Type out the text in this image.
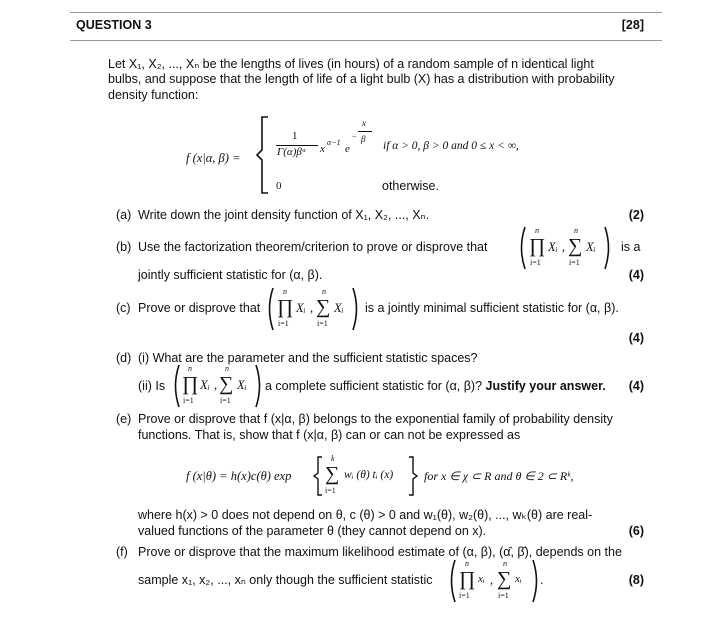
QUESTION 3	[28]
Let X₁, X₂, ..., Xₙ be the lengths of lives (in hours) of a random sample of n identical light
bulbs, and suppose that the length of life of a light bulb (X) has a distribution with probability
density function:
f (x|α, β) =
1
Γ(α)βᵅ x
α−1
e
−
x
β
if α > 0, β > 0 and 0 ≤ x < ∞,
0	otherwise.
(a) Write down the joint density function of X₁, X₂, ..., Xₙ.	(2)
(b) Use the factorization theorem/criterion to prove or disprove that
n
∏
i=1
Xᵢ ,
n
∑
i=1
Xᵢ is a
jointly sufficient statistic for (α, β).	(4)
(c) Prove or disprove that
n
∏
i=1
Xᵢ ,
n
∑
i=1
Xᵢ is a jointly minimal sufficient statistic for (α, β).
(4)
(d) (i) What are the parameter and the sufficient statistic spaces?
(ii) Is
n
∏
i=1
Xᵢ ,
n
∑
i=1
Xᵢ a complete sufficient statistic for (α, β)? Justify your answer. (4)
(e) Prove or disprove that f (x|α, β) belongs to the exponential family of probability density
functions. That is, show that f (x|α, β) can or can not be expressed as
f (x|θ) = h(x)c(θ) exp
k
∑
i=1
wᵢ (θ) tᵢ (x)	for x ∈ χ ⊂ R and θ ∈ 2 ⊂ Rᵏ,
where h(x) > 0 does not depend on θ, c (θ) > 0 and w₁(θ), w₂(θ), ..., wₖ(θ) are real-
valued functions of the parameter θ (they cannot depend on x).	(6)
(f) Prove or disprove that the maximum likelihood estimate of (α, β), (α̂, β̂), depends on the
sample x₁, x₂, ..., xₙ only though the sufficient statistic
n
∏
i=1
xᵢ ,
n
∑
i=1
xᵢ .	(8)
